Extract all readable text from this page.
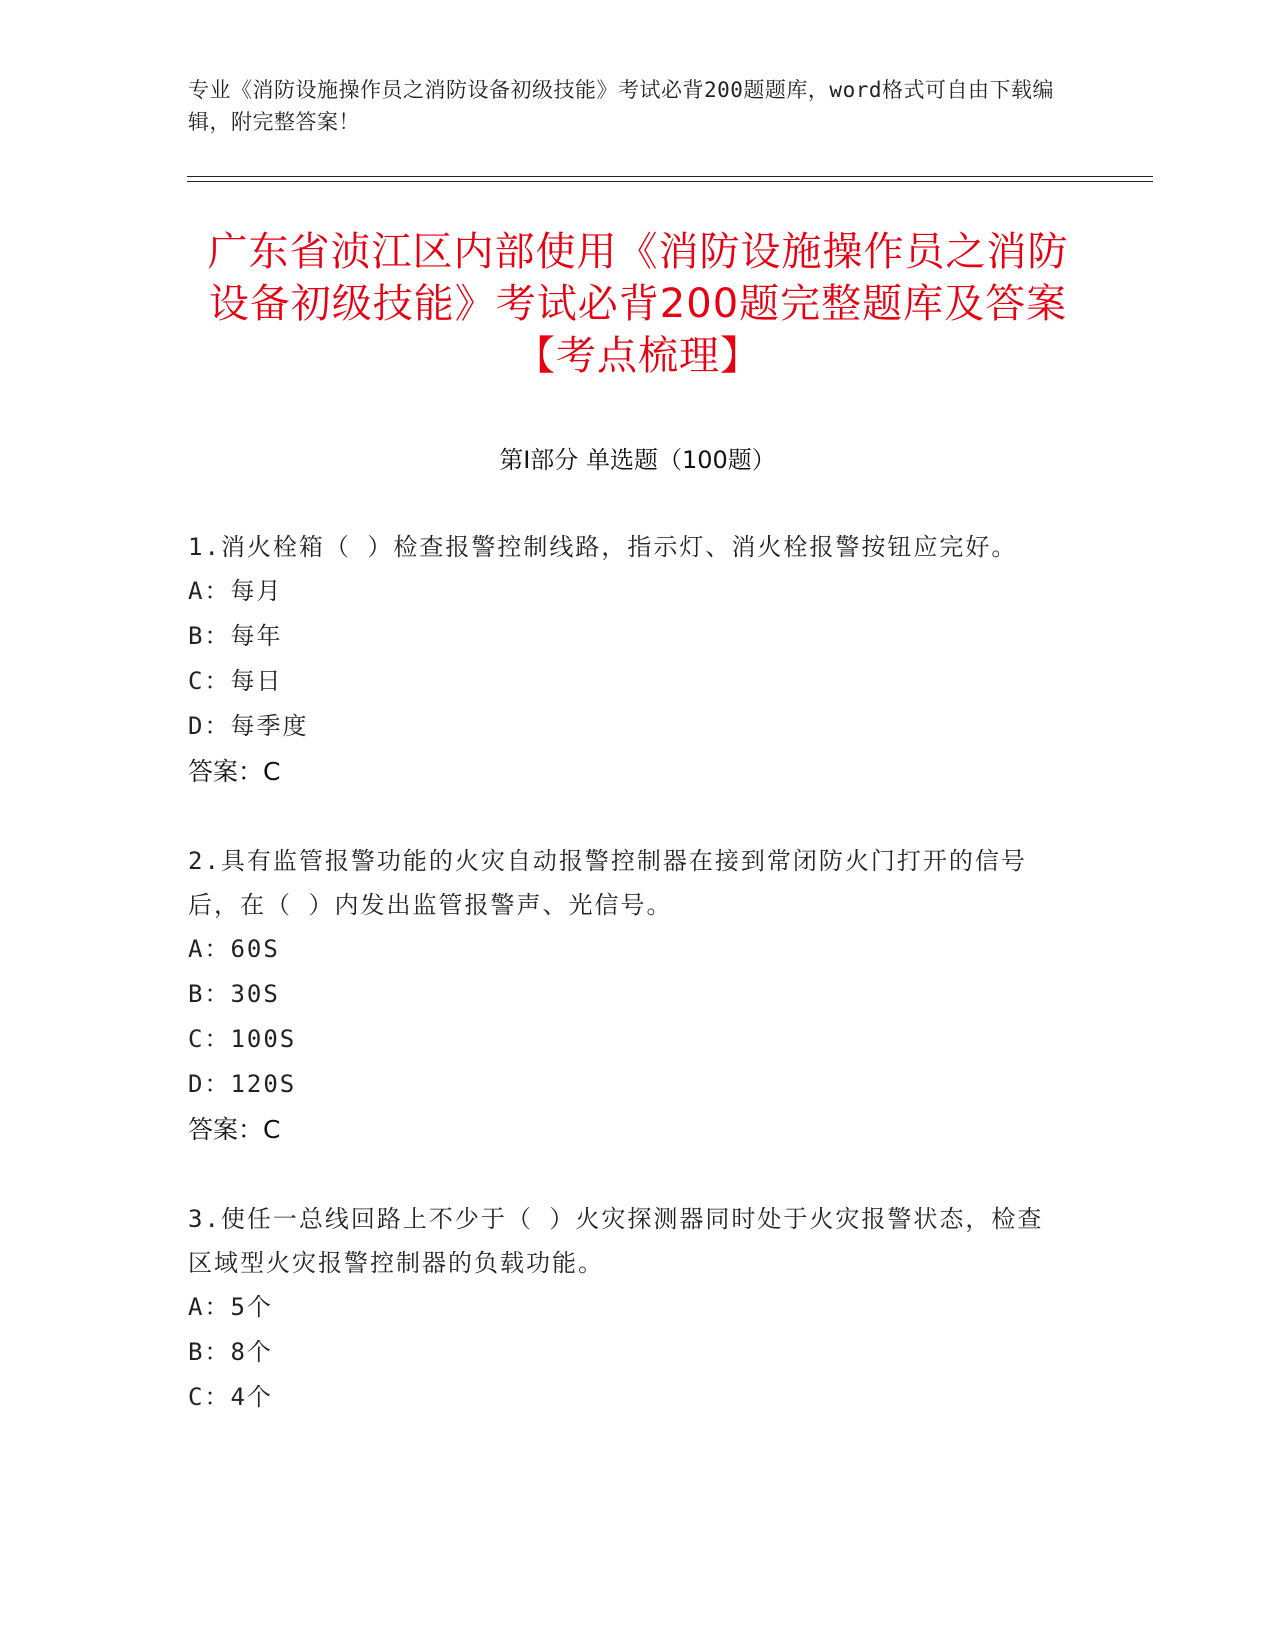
专业《消防设施操作员之消防设备初级技能》考试必背200题题库，word格式可自由下载编辑，附完整答案！
广东省浈江区内部使用《消防设施操作员之消防设备初级技能》考试必背200题完整题库及答案【考点梳理】
第Ⅰ部分 单选题（100题）

1.消火栓箱（ ）检查报警控制线路，指示灯、消火栓报警按钮应完好。

A：每月

B：每年

C：每日

D：每季度

答案：C

2.具有监管报警功能的火灾自动报警控制器在接到常闭防火门打开的信号后，在（ ）内发出监管报警声、光信号。

A：60S

B：30S

C：100S

D：120S

答案：C

3.使任一总线回路上不少于（ ）火灾探测器同时处于火灾报警状态，检查区域型火灾报警控制器的负载功能。

A：5个

B：8个

C：4个
